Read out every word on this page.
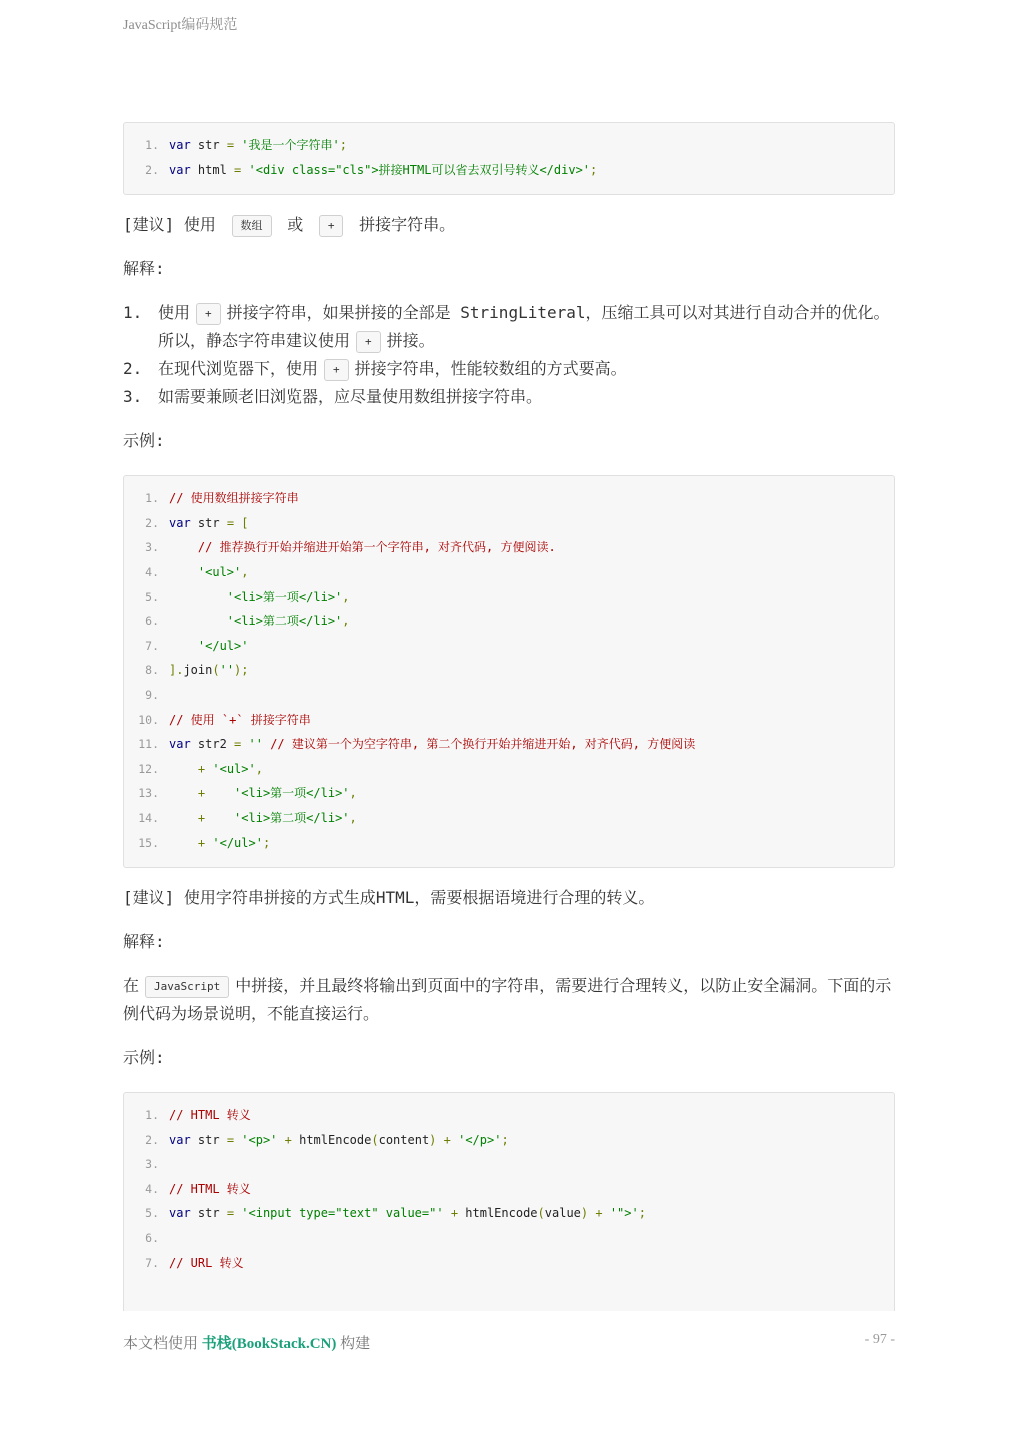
JavaScript编码规范
1. var str = '我是一个字符串';
2. var html = '<div class="cls">拼接HTML可以省去双引号转义</div>';

[建议] 使用 数组 或 + 拼接字符串。

解释:

1. 使用 + 拼接字符串，如果拼接的全部是 StringLiteral，压缩工具可以对其进行自动合并的优化。所以，静态字符串建议使用 + 拼接。
2. 在现代浏览器下，使用 + 拼接字符串，性能较数组的方式要高。
3. 如需要兼顾老旧浏览器，应尽量使用数组拼接字符串。

示例:

1. // 使用数组拼接字符串
2. var str = [
3.	// 推荐换行开始并缩进开始第一个字符串, 对齐代码, 方便阅读.
4.	'<ul>',
5.	'<li>第一项</li>',
6.	'<li>第二项</li>',
7.	'</ul>'
8. ].join('');
9.
10. // 使用 `+` 拼接字符串
11. var str2 = '' // 建议第一个为空字符串, 第二个换行开始并缩进开始, 对齐代码, 方便阅读
12.	+ '<ul>',
13.	+ '<li>第一项</li>',
14.	+ '<li>第二项</li>',
15.	+ '</ul>';

[建议] 使用字符串拼接的方式生成HTML，需要根据语境进行合理的转义。

解释:

在 JavaScript 中拼接，并且最终将输出到页面中的字符串，需要进行合理转义，以防止安全漏洞。下面的示例代码为场景说明，不能直接运行。

示例:

1. // HTML 转义
2. var str = '<p>' + htmlEncode(content) + '</p>';
3.
4. // HTML 转义
5. var str = '<input type="text" value="' + htmlEncode(value) + '">';
6.
7. // URL 转义
本文档使用 书栈(BookStack.CN) 构建	- 97 -
